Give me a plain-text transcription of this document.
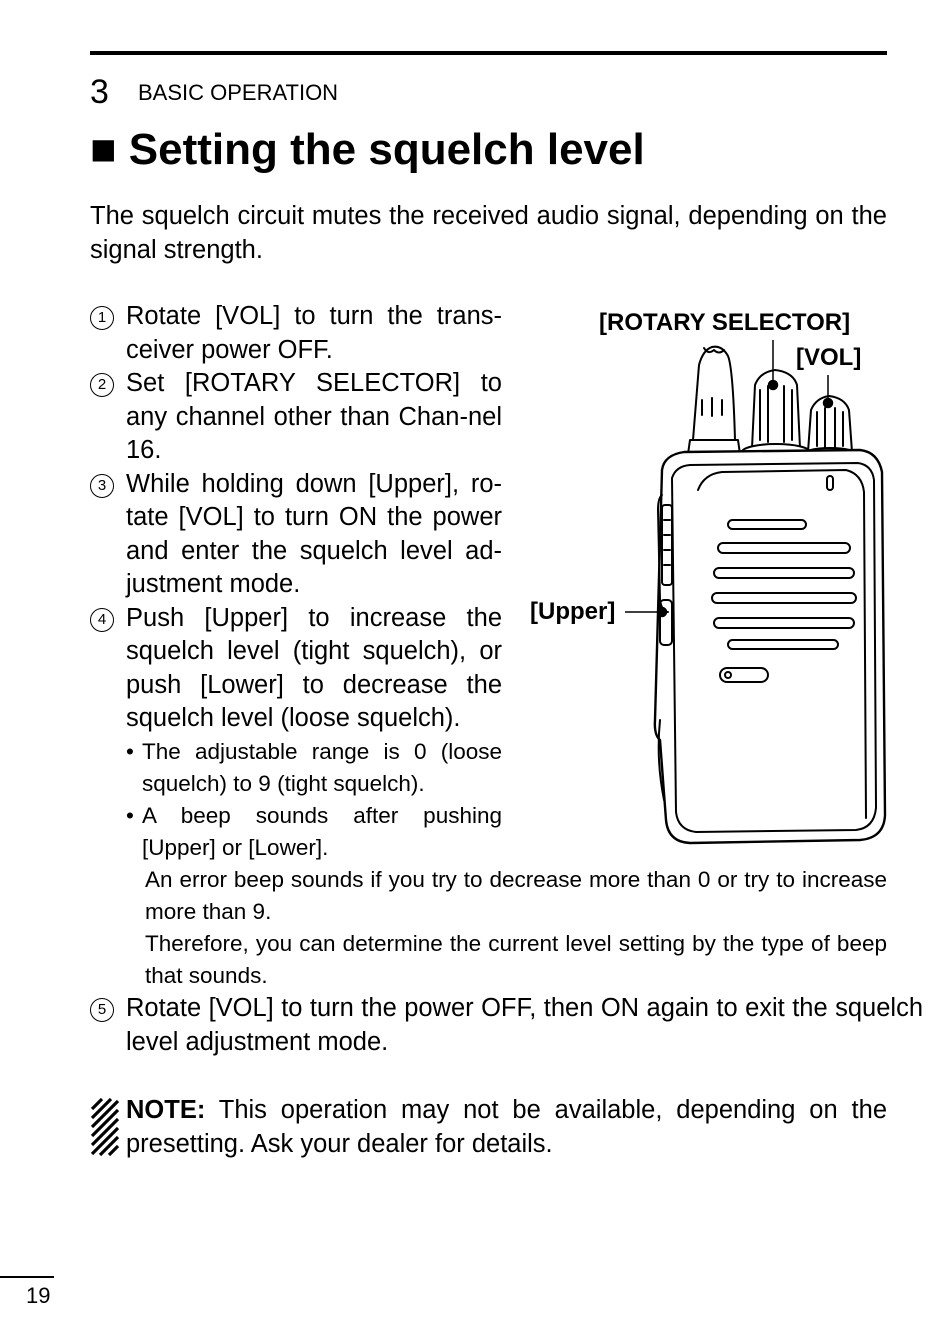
3 BASIC OPERATION
■ Setting the squelch level
The squelch circuit mutes the received audio signal, depending on the signal strength.
1 Rotate [VOL] to turn the trans-ceiver power OFF.
2 Set [ROTARY SELECTOR] to any channel other than Chan-nel 16.
3 While holding down [Upper], ro-tate [VOL] to turn ON the power and enter the squelch level ad-justment mode.
4 Push [Upper] to increase the squelch level (tight squelch), or push [Lower] to decrease the squelch level (loose squelch).
• The adjustable range is 0 (loose squelch) to 9 (tight squelch).
• A beep sounds after pushing [Upper] or [Lower].
An error beep sounds if you try to decrease more than 0 or try to increase more than 9.
Therefore, you can determine the current level setting by the type of beep that sounds.
5 Rotate [VOL] to turn the power OFF, then ON again to exit the squelch level adjustment mode.
NOTE: This operation may not be available, depending on the presetting. Ask your dealer for details.
[ROTARY SELECTOR]
[VOL]
[Upper]
19
